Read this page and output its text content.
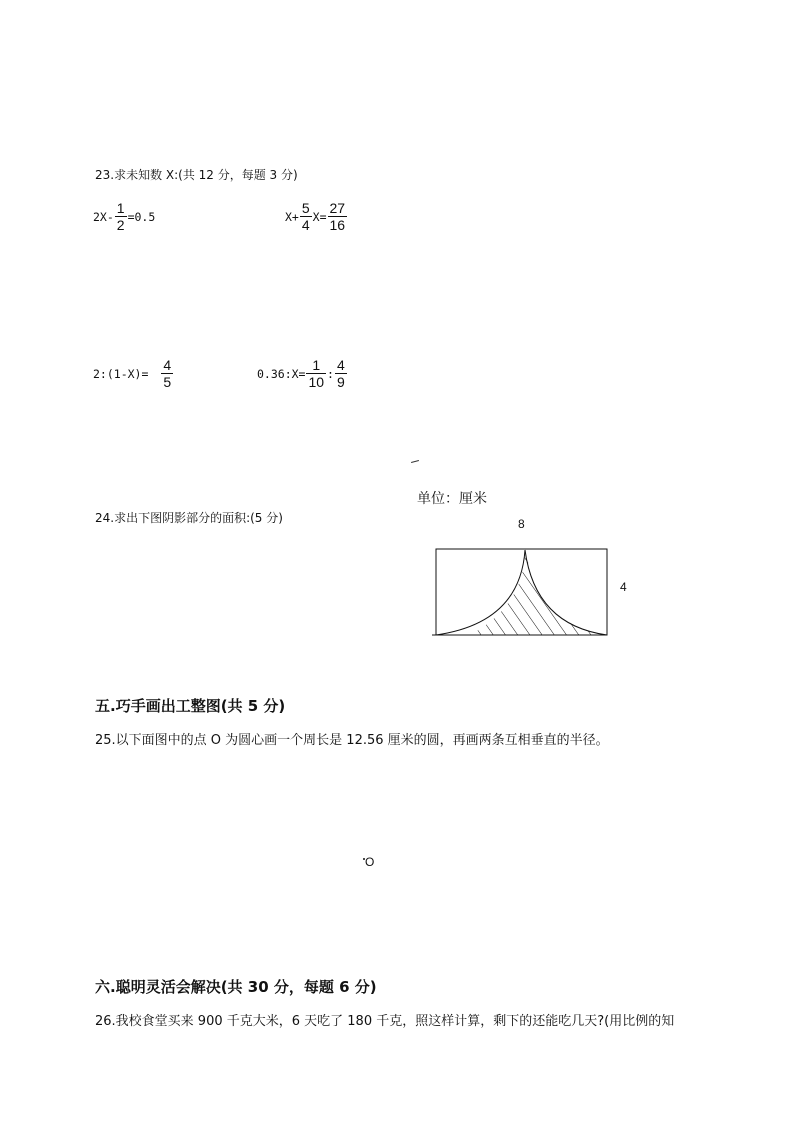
23.求未知数 X:(共 12 分，每题 3 分)
$2X- \frac{1}{2} =0.5$	$X+ \frac{5}{4} X= \frac{27}{16}$
2:(1-X)= $\frac{4}{5}$	0.36:X= $\frac{1}{10}$ : $\frac{4}{9}$
单位：厘米
24.求出下图阴影部分的面积:(5 分)	8
4
五.巧手画出工整图(共 5 分)
25.以下面图中的点 O 为圆心画一个周长是 12.56 厘米的圆，再画两条互相垂直的半径。
O
六.聪明灵活会解决(共 30 分，每题 6 分)
26.我校食堂买来 900 千克大米，6 天吃了 180 千克，照这样计算，剩下的还能吃几天?(用比例的知
